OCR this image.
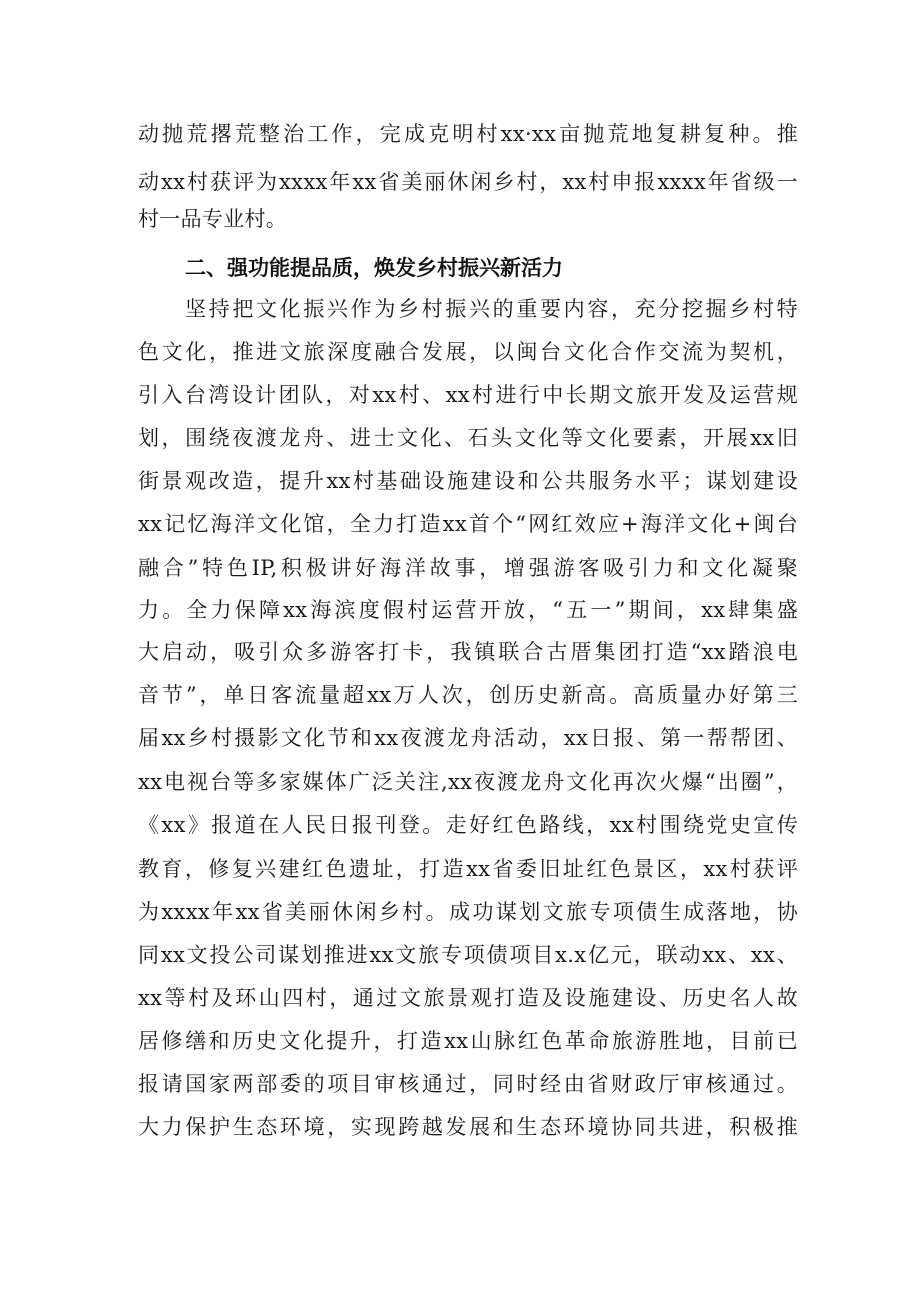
动抛荒撂荒整治工作，完成克明村xx·xx亩抛荒地复耕复种。推
动xx村获评为xxxx年xx省美丽休闲乡村，xx村申报xxxx年省级一
村一品专业村。
二、强功能提品质，焕发乡村振兴新活力
坚持把文化振兴作为乡村振兴的重要内容，充分挖掘乡村特
色文化，推进文旅深度融合发展，以闽台文化合作交流为契机，
引入台湾设计团队，对xx村、xx村进行中长期文旅开发及运营规
划，围绕夜渡龙舟、进士文化、石头文化等文化要素，开展xx旧
街景观改造，提升xx村基础设施建设和公共服务水平；谋划建设
xx记忆海洋文化馆，全力打造xx首个“网红效应+海洋文化+闽台
融合”特色IP,积极讲好海洋故事，增强游客吸引力和文化凝聚
力。全力保障xx海滨度假村运营开放，“五一”期间，xx肆集盛
大启动，吸引众多游客打卡，我镇联合古厝集团打造“xx踏浪电
音节”，单日客流量超xx万人次，创历史新高。高质量办好第三
届xx乡村摄影文化节和xx夜渡龙舟活动，xx日报、第一帮帮团、
xx电视台等多家媒体广泛关注,xx夜渡龙舟文化再次火爆“出圈”，
《xx》报道在人民日报刊登。走好红色路线，xx村围绕党史宣传
教育，修复兴建红色遗址，打造xx省委旧址红色景区，xx村获评
为xxxx年xx省美丽休闲乡村。成功谋划文旅专项债生成落地，协
同xx文投公司谋划推进xx文旅专项债项目x.x亿元，联动xx、xx、
xx等村及环山四村，通过文旅景观打造及设施建设、历史名人故
居修缮和历史文化提升，打造xx山脉红色革命旅游胜地，目前已
报请国家两部委的项目审核通过，同时经由省财政厅审核通过。
大力保护生态环境，实现跨越发展和生态环境协同共进，积极推
